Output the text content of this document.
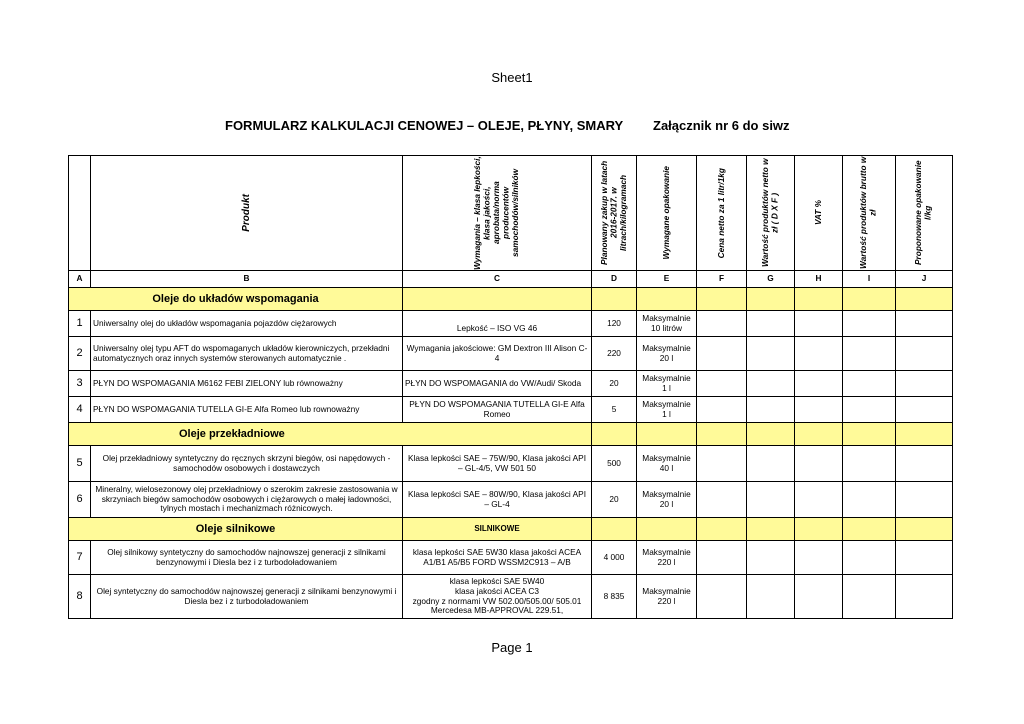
Sheet1
FORMULARZ KALKULACJI CENOWEJ – OLEJE, PŁYNY, SMARY Załącznik nr 6 do siwz

	Produkt	Wymagania – klasa lepkości, klasa jakości, aprobata/norma producentów samochodów/silników	Planowany zakup w latach 2016-2017. w litrach/kilogramach	Wymagane opakowanie	Cena netto za 1 litr/1kg	Wartość produktów netto w zł ( D X F )	VAT %	Wartość produktów brutto w zł	Proponowane opakowanie l/kg

A	B	C	D	E	F	G	H	I	J
Oleje do układów wspomagania									
1	Uniwersalny olej do układów wspomagania pojazdów ciężarowych	Lepkość – ISO VG 46	120	Maksymalnie 10 litrów					
2	Uniwersalny olej typu AFT do wspomaganych układów kierowniczych, przekładni automatycznych oraz innych systemów sterowanych automatycznie .	Wymagania jakościowe: GM Dextron III Alison C-4	220	Maksymalnie 20 l					
3	PŁYN DO WSPOMAGANIA M6162 FEBI ZIELONY lub równoważny	PŁYN DO WSPOMAGANIA do VW/Audi/ Skoda	20	Maksymalnie 1 l					
4	PŁYN DO WSPOMAGANIA TUTELLA GI-E Alfa Romeo lub rownoważny	PŁYN DO WSPOMAGANIA TUTELLA GI-E Alfa Romeo	5	Maksymalnie 1 l					
Oleje przekładniowe									
5	Olej przekładniowy syntetyczny do ręcznych skrzyni biegów, osi napędowych -samochodów osobowych i dostawczych	Klasa lepkości SAE – 75W/90, Klasa jakości API – GL-4/5, VW 501 50	500	Maksymalnie 40 l					
6	Mineralny, wielosezonowy olej przekładniowy o szerokim zakresie zastosowania w skrzyniach biegów samochodów osobowych i ciężarowych o małej ładowności, tylnych mostach i mechanizmach różnicowych.	Klasa lepkości SAE – 80W/90, Klasa jakości API – GL-4	20	Maksymalnie 20 l					
Oleje silnikowe		SILNIKOWE							
7	Olej silnikowy syntetyczny do samochodów najnowszej generacji z silnikami benzynowymi i Diesla bez i z turbodoładowaniem	klasa lepkości SAE 5W30 klasa jakości ACEA A1/B1 A5/B5 FORD WSSM2C913 – A/B	4 000	Maksymalnie 220 l					
8	Olej syntetyczny do samochodów najnowszej generacji z silnikami benzynowymi i Diesla bez i z turbodoładowaniem	klasa lepkości SAE 5W40
klasa jakości ACEA C3
zgodny z normami VW 502.00/505.00/ 505.01
Mercedesa MB-APPROVAL 229.51,	8 835	Maksymalnie 220 l					
Page 1
